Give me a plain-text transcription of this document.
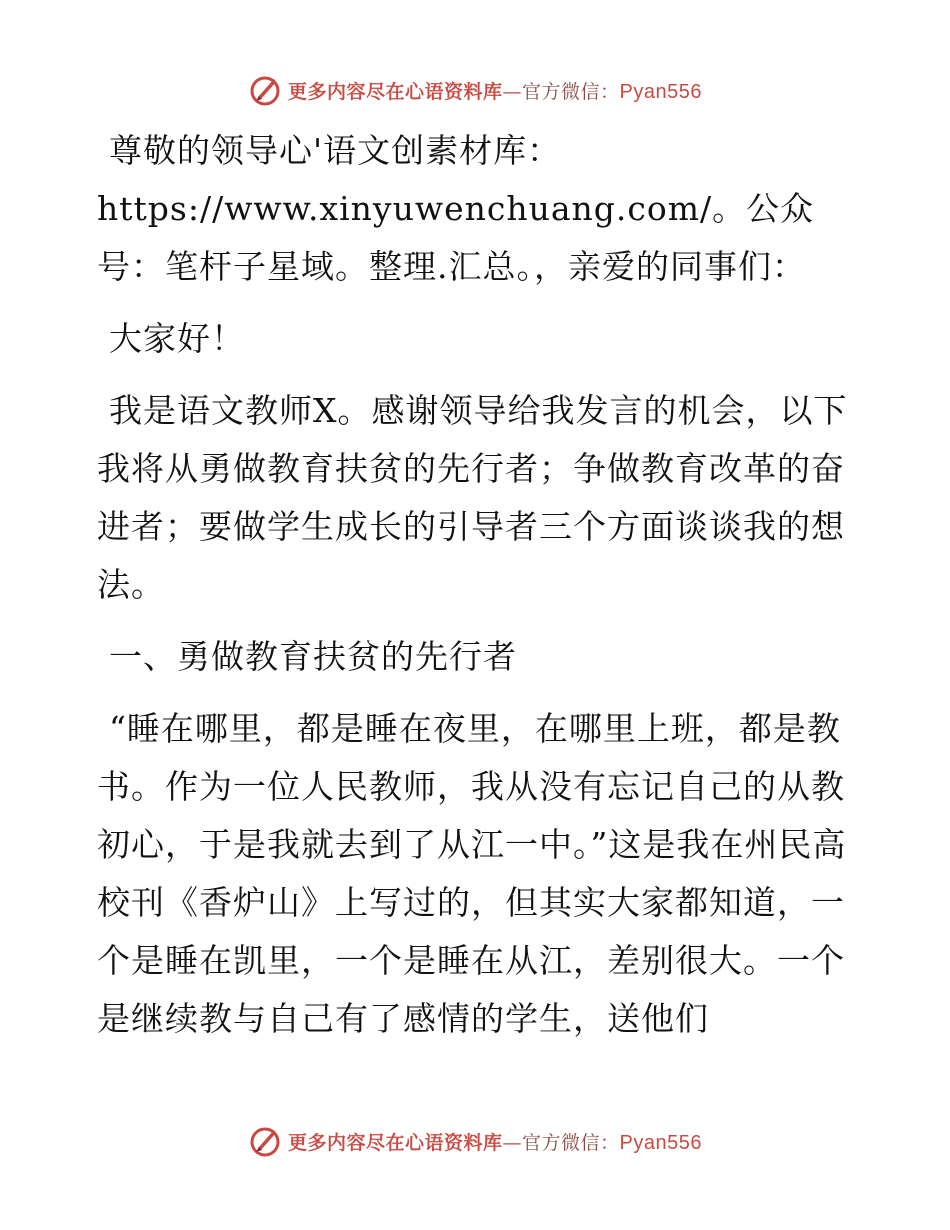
更多内容尽在心语资料库—官方微信：Pyan556

尊敬的领导心'语文创素材库：https://www.xinyuwenchuang.com/。公众号：笔杆子星域。整理.汇总。，亲爱的同事们：

大家好！

我是语文教师X。感谢领导给我发言的机会，以下我将从勇做教育扶贫的先行者；争做教育改革的奋进者；要做学生成长的引导者三个方面谈谈我的想法。

一、勇做教育扶贫的先行者

“睡在哪里，都是睡在夜里，在哪里上班，都是教书。作为一位人民教师，我从没有忘记自己的从教初心，于是我就去到了从江一中。”这是我在州民高校刊《香炉山》上写过的，但其实大家都知道，一个是睡在凯里，一个是睡在从江，差别很大。一个是继续教与自己有了感情的学生，送他们

更多内容尽在心语资料库—官方微信：Pyan556
